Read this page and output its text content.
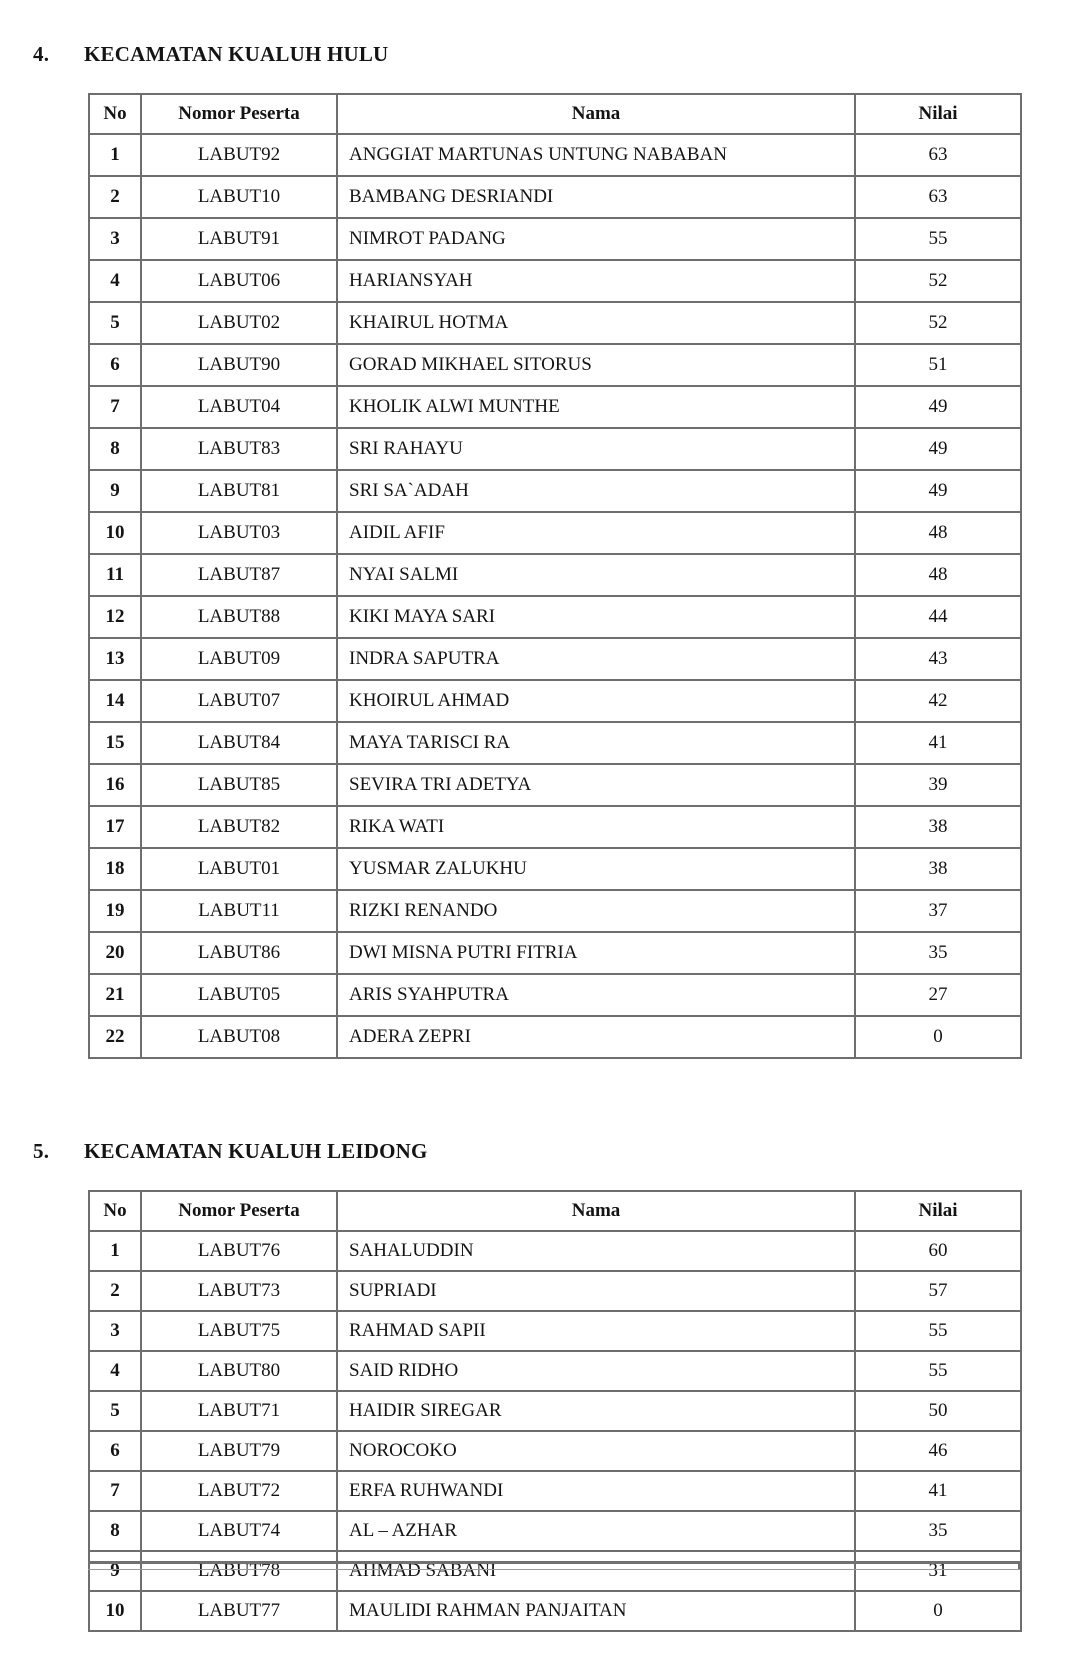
4.	KECAMATAN KUALUH HULU
No	Nomor Peserta	Nama	Nilai
1	LABUT92	ANGGIAT MARTUNAS UNTUNG NABABAN	63
2	LABUT10	BAMBANG DESRIANDI	63
3	LABUT91	NIMROT PADANG	55
4	LABUT06	HARIANSYAH	52
5	LABUT02	KHAIRUL HOTMA	52
6	LABUT90	GORAD MIKHAEL SITORUS	51
7	LABUT04	KHOLIK ALWI MUNTHE	49
8	LABUT83	SRI RAHAYU	49
9	LABUT81	SRI SA`ADAH	49
10	LABUT03	AIDIL AFIF	48
11	LABUT87	NYAI SALMI	48
12	LABUT88	KIKI MAYA SARI	44
13	LABUT09	INDRA SAPUTRA	43
14	LABUT07	KHOIRUL AHMAD	42
15	LABUT84	MAYA TARISCI RA	41
16	LABUT85	SEVIRA TRI ADETYA	39
17	LABUT82	RIKA WATI	38
18	LABUT01	YUSMAR ZALUKHU	38
19	LABUT11	RIZKI RENANDO	37
20	LABUT86	DWI MISNA PUTRI FITRIA	35
21	LABUT05	ARIS SYAHPUTRA	27
22	LABUT08	ADERA ZEPRI	0
5.	KECAMATAN KUALUH LEIDONG
No	Nomor Peserta	Nama	Nilai
1	LABUT76	SAHALUDDIN	60
2	LABUT73	SUPRIADI	57
3	LABUT75	RAHMAD SAPII	55
4	LABUT80	SAID RIDHO	55
5	LABUT71	HAIDIR SIREGAR	50
6	LABUT79	NOROCOKO	46
7	LABUT72	ERFA RUHWANDI	41
8	LABUT74	AL – AZHAR	35
9	LABUT78	AHMAD SABANI	31
10	LABUT77	MAULIDI RAHMAN PANJAITAN	0
